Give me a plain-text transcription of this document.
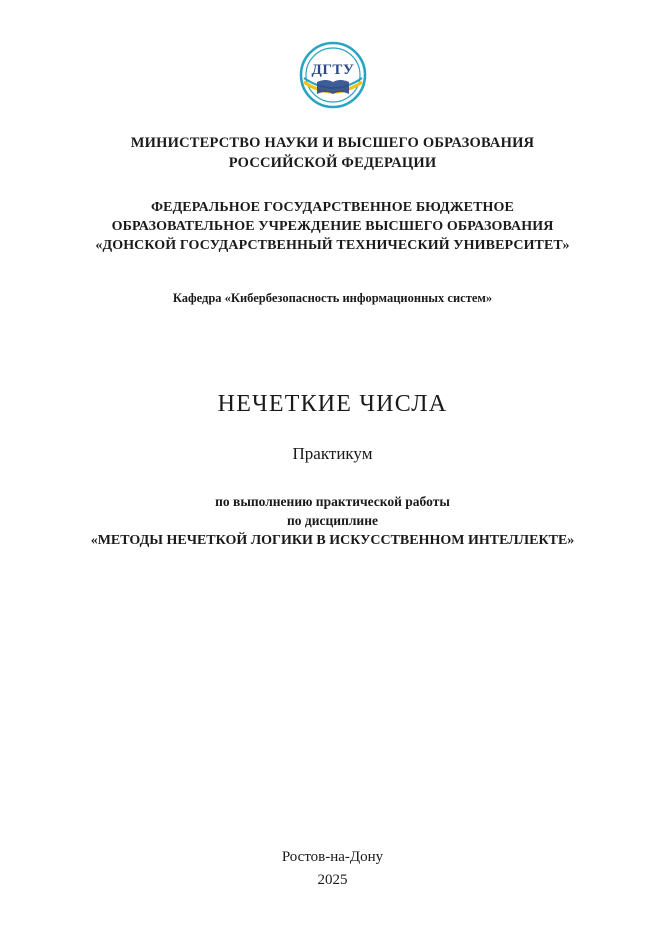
ДГТУ
МИНИСТЕРСТВО НАУКИ И ВЫСШЕГО ОБРАЗОВАНИЯ
РОССИЙСКОЙ ФЕДЕРАЦИИ
ФЕДЕРАЛЬНОЕ ГОСУДАРСТВЕННОЕ БЮДЖЕТНОЕ
ОБРАЗОВАТЕЛЬНОЕ УЧРЕЖДЕНИЕ ВЫСШЕГО ОБРАЗОВАНИЯ
«ДОНСКОЙ ГОСУДАРСТВЕННЫЙ ТЕХНИЧЕСКИЙ УНИВЕРСИТЕТ»
Кафедра «Кибербезопасность информационных систем»
НЕЧЕТКИЕ ЧИСЛА
Практикум
по выполнению практической работы
по дисциплине
«МЕТОДЫ НЕЧЕТКОЙ ЛОГИКИ В ИСКУССТВЕННОМ ИНТЕЛЛЕКТЕ»
Ростов-на-Дону
2025
